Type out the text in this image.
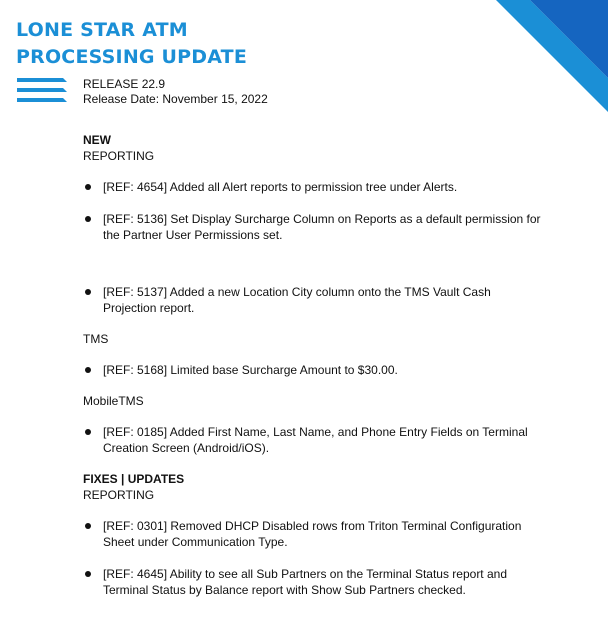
LONE STAR ATM
PROCESSING UPDATE
RELEASE 22.9
Release Date: November 15, 2022
NEW
REPORTING
[REF: 4654] Added all Alert reports to permission tree under Alerts.
[REF: 5136] Set Display Surcharge Column on Reports as a default permission for the Partner User Permissions set.
[REF: 5137] Added a new Location City column onto the TMS Vault Cash Projection report.
TMS
[REF: 5168] Limited base Surcharge Amount to $30.00.
MobileTMS
[REF: 0185] Added First Name, Last Name, and Phone Entry Fields on Terminal Creation Screen (Android/iOS).
FIXES | UPDATES
REPORTING
[REF: 0301] Removed DHCP Disabled rows from Triton Terminal Configuration Sheet under Communication Type.
[REF: 4645] Ability to see all Sub Partners on the Terminal Status report and Terminal Status by Balance report with Show Sub Partners checked.
